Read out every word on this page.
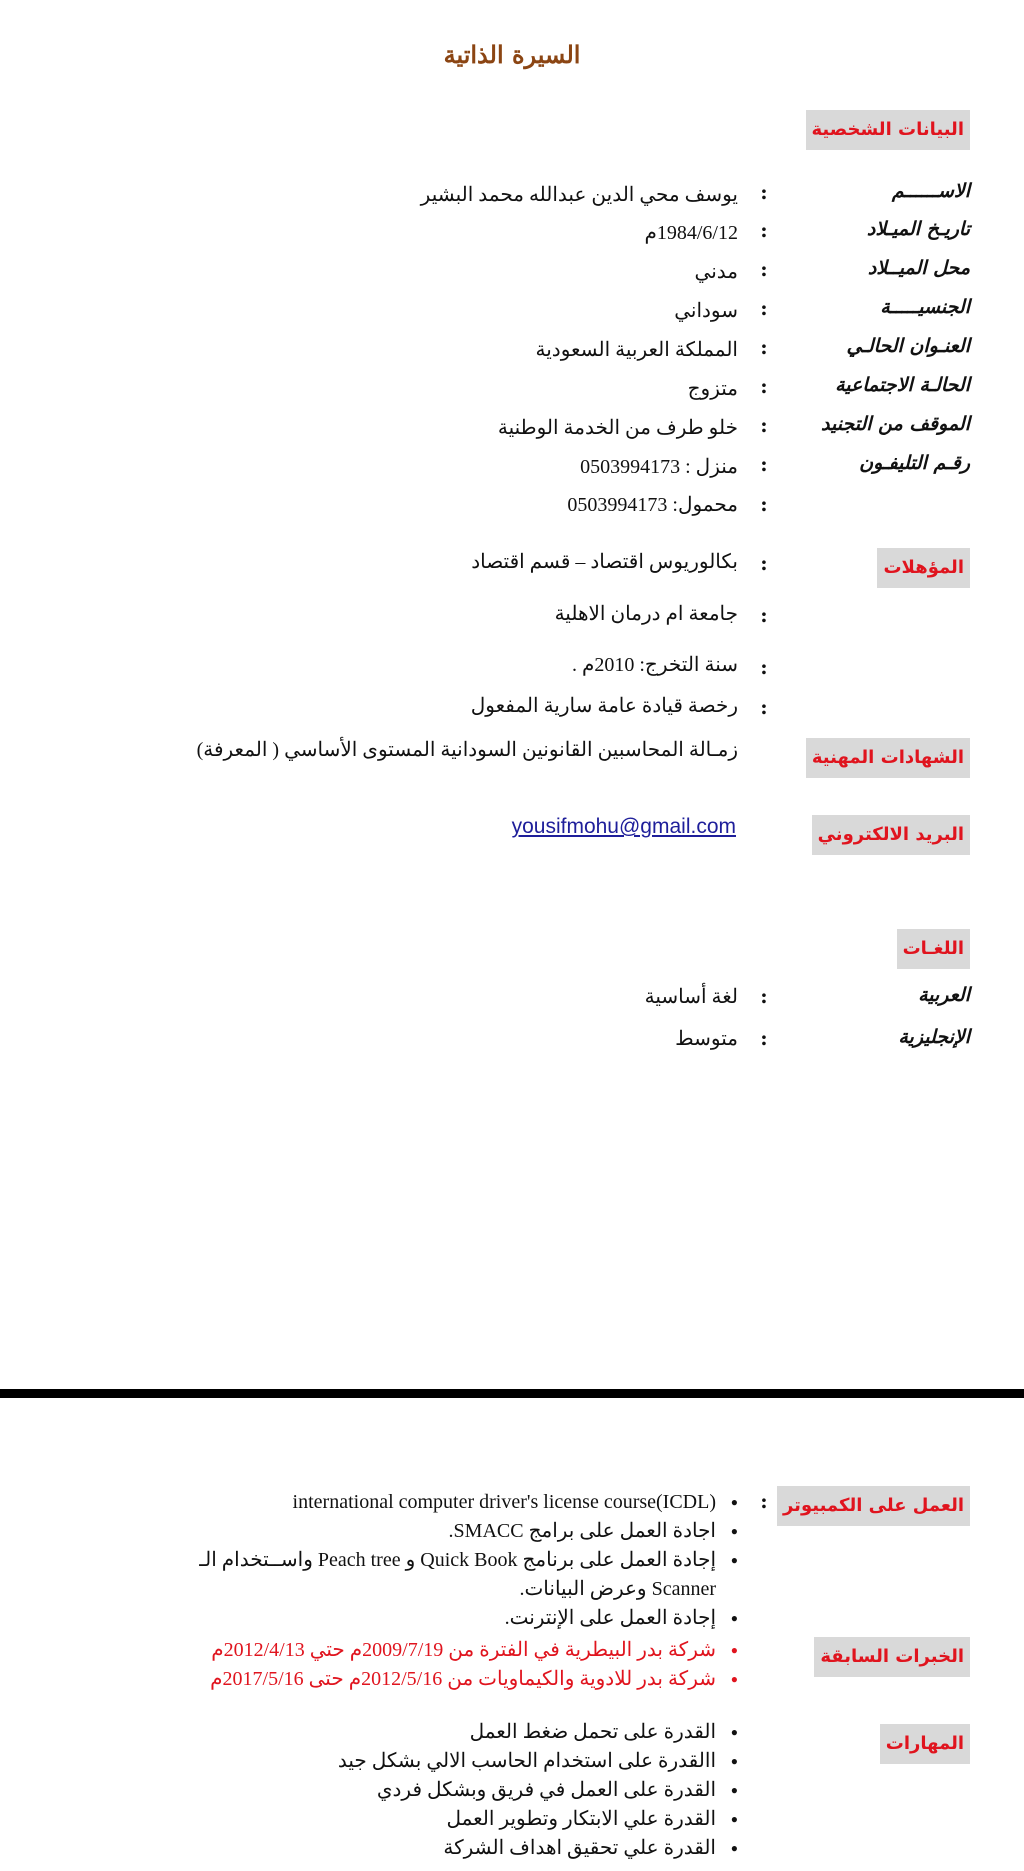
السيرة الذاتية
البيانات الشخصية
الاســــــم
:
يوسف محي الدين عبدالله محمد البشير
تاريـخ الميـلاد
:
1984/6/12م
محل الميــلاد
:
مدني
الجنسيـــــة
:
سوداني
العنـوان الحالـي
:
المملكة العربية السعودية
الحالـة الاجتماعية
:
متزوج
الموقف من التجنيد
:
خلو طرف من الخدمة الوطنية
رقـم التليفـون
:
منزل : 0503994173
:
محمول: 0503994173
المؤهلات
:
بكالوريوس اقتصاد – قسم اقتصاد
:
جامعة ام درمان الاهلية
:
سنة التخرج: 2010م .
:
رخصة قيادة عامة سارية المفعول
الشهادات المهنية
زمـالة المحاسبين القانونين السودانية المستوى الأساسي ( المعرفة)
البريد الالكتروني
yousifmohu@gmail.com
اللغـات
العربية
:
لغة أساسية
الإنجليزية
:
متوسط
العمل على الكمبيوتر
:
● international computer driver's license course(ICDL)
● اجادة العمل على برامج SMACC.
● إجادة العمل على برنامج Quick Book و Peach tree واســتخدام الـ Scanner وعرض البيانات.
● إجادة العمل على الإنترنت.
الخبرات السابقة
● شركة بدر البيطرية في الفترة من 2009/7/19م حتي 2012/4/13م
● شركة بدر للادوية والكيماويات من 2012/5/16م حتى 2017/5/16م
المهارات
● القدرة على تحمل ضغط العمل
● االقدرة على استخدام الحاسب الالي بشكل جيد
● القدرة على العمل في فريق وبشكل فردي
● القدرة علي الابتكار وتطوير العمل
● القدرة علي تحقيق اهداف الشركة
